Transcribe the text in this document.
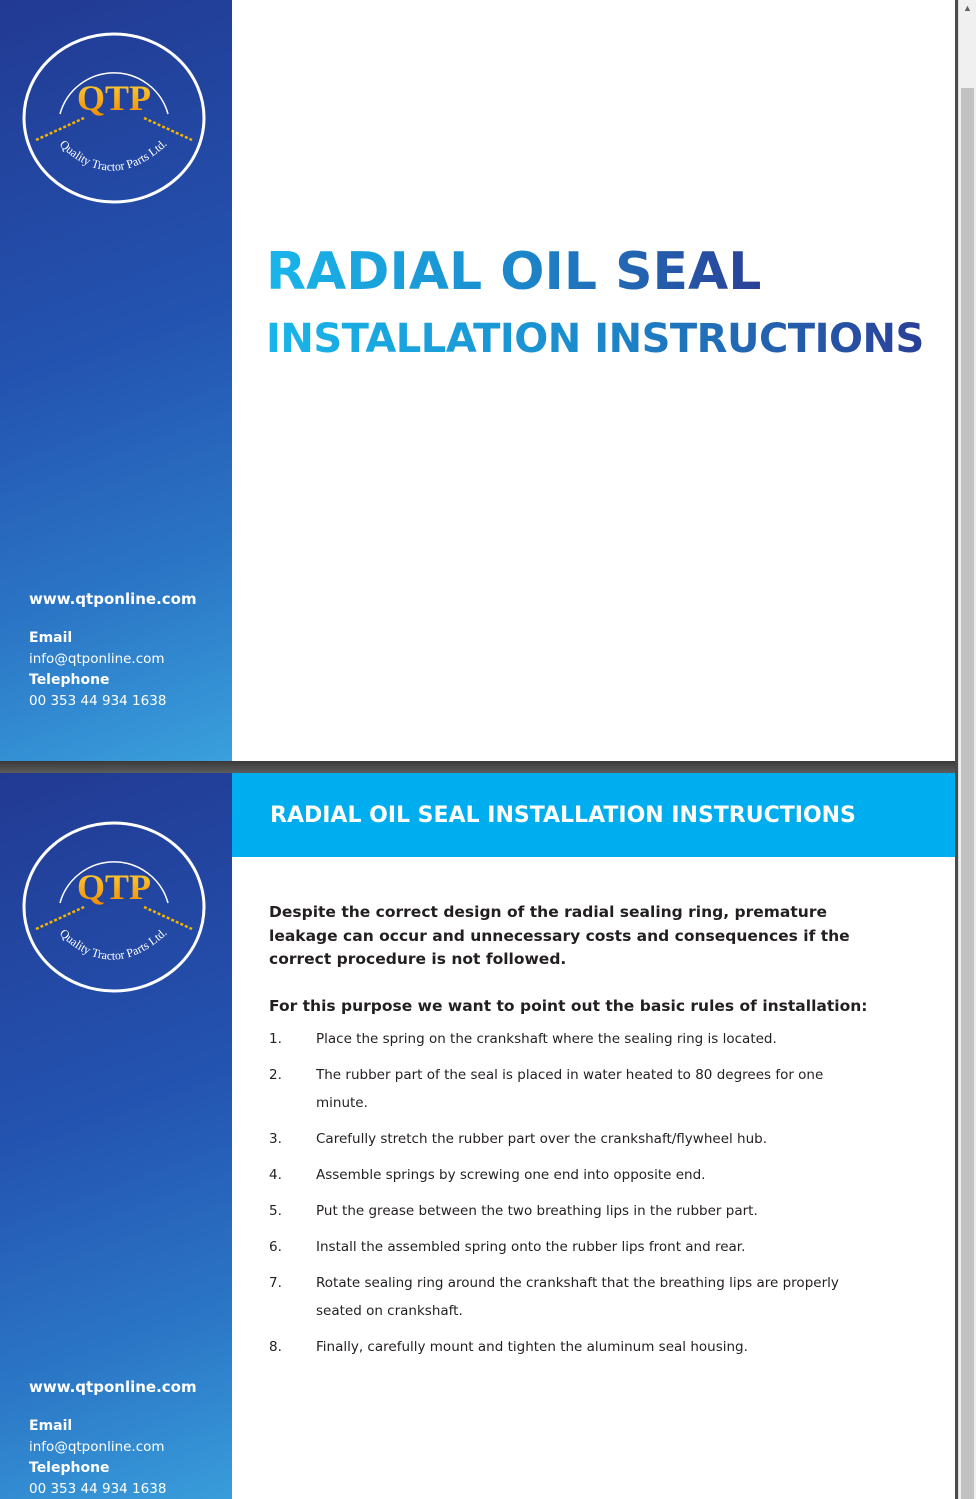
QTP
Quality Tractor Parts Ltd.
www.qtponline.com
Email
info@qtponline.com
Telephone
00 353 44 934 1638
RADIAL OIL SEAL
INSTALLATION INSTRUCTIONS
QTP
Quality Tractor Parts Ltd.
www.qtponline.com
Email
info@qtponline.com
Telephone
00 353 44 934 1638
RADIAL OIL SEAL INSTALLATION INSTRUCTIONS

Despite the correct design of the radial sealing ring, premature leakage can occur and unnecessary costs and consequences if the correct procedure is not followed.

For this purpose we want to point out the basic rules of installation:

1.	Place the spring on the crankshaft where the sealing ring is located.
2.	The rubber part of the seal is placed in water heated to 80 degrees for one minute.
3.	Carefully stretch the rubber part over the crankshaft/flywheel hub.
4.	Assemble springs by screwing one end into opposite end.
5.	Put the grease between the two breathing lips in the rubber part.
6.	Install the assembled spring onto the rubber lips front and rear.
7.	Rotate sealing ring around the crankshaft that the breathing lips are properly seated on crankshaft.
8.	Finally, carefully mount and tighten the aluminum seal housing.
▲
